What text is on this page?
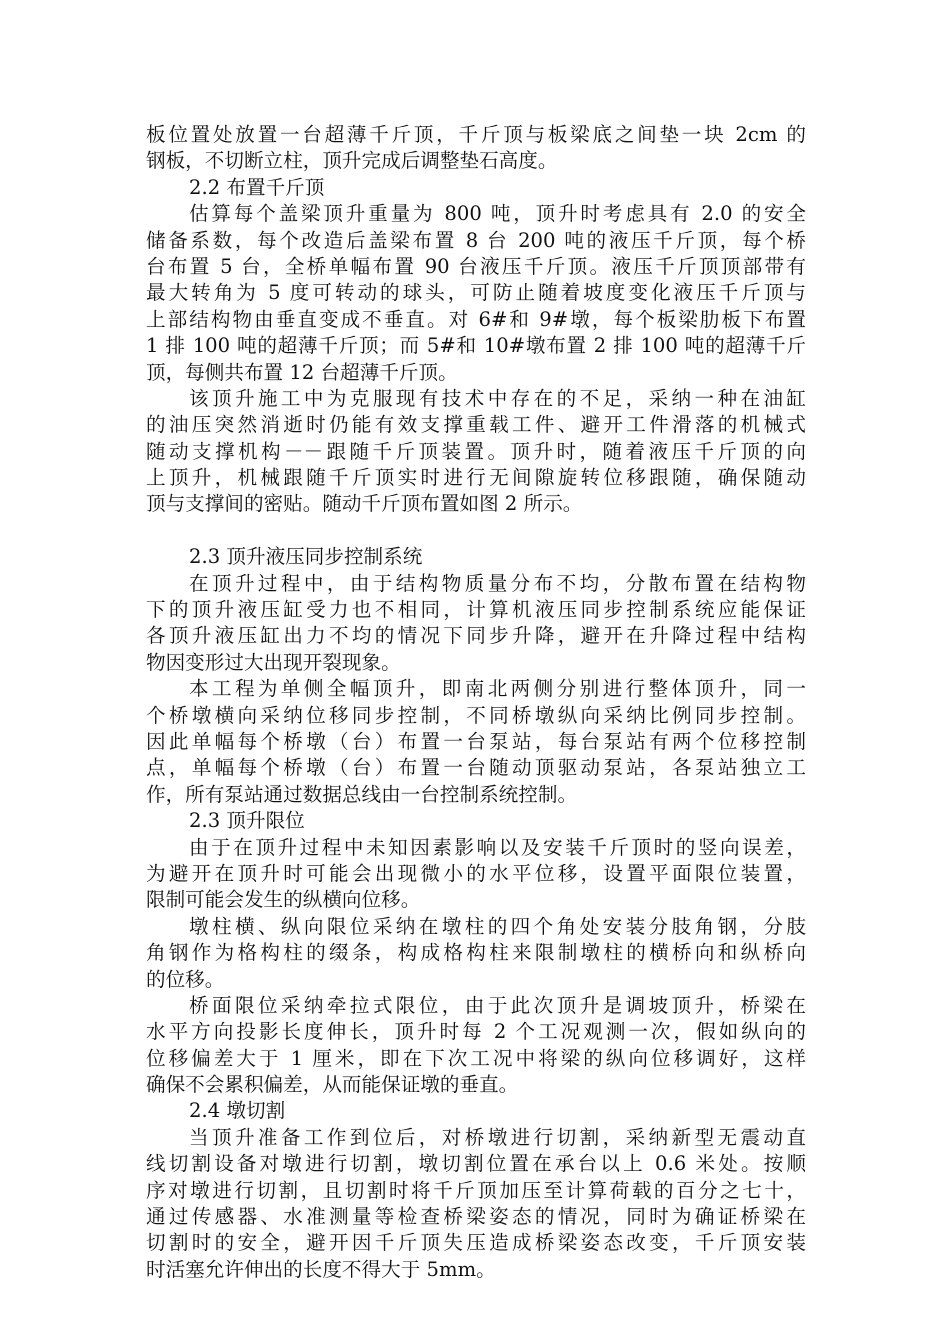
板位置处放置一台超薄千斤顶，千斤顶与板梁底之间垫一块 2cm 的
钢板，不切断立柱，顶升完成后调整垫石高度。
2.2 布置千斤顶
估算每个盖梁顶升重量为 800 吨，顶升时考虑具有 2.0 的安全
储备系数，每个改造后盖梁布置 8 台 200 吨的液压千斤顶，每个桥
台布置 5 台，全桥单幅布置 90 台液压千斤顶。液压千斤顶顶部带有
最大转角为 5 度可转动的球头，可防止随着坡度变化液压千斤顶与
上部结构物由垂直变成不垂直。对 6#和 9#墩，每个板梁肋板下布置
1 排 100 吨的超薄千斤顶；而 5#和 10#墩布置 2 排 100 吨的超薄千斤
顶，每侧共布置 12 台超薄千斤顶。
该顶升施工中为克服现有技术中存在的不足，采纳一种在油缸
的油压突然消逝时仍能有效支撑重载工件、避开工件滑落的机械式
随动支撑机构－－跟随千斤顶装置。顶升时，随着液压千斤顶的向
上顶升，机械跟随千斤顶实时进行无间隙旋转位移跟随，确保随动
顶与支撑间的密贴。随动千斤顶布置如图 2 所示。
2.3 顶升液压同步控制系统
在顶升过程中，由于结构物质量分布不均，分散布置在结构物
下的顶升液压缸受力也不相同，计算机液压同步控制系统应能保证
各顶升液压缸出力不均的情况下同步升降，避开在升降过程中结构
物因变形过大出现开裂现象。
本工程为单侧全幅顶升，即南北两侧分别进行整体顶升，同一
个桥墩横向采纳位移同步控制，不同桥墩纵向采纳比例同步控制。
因此单幅每个桥墩（台）布置一台泵站，每台泵站有两个位移控制
点，单幅每个桥墩（台）布置一台随动顶驱动泵站，各泵站独立工
作，所有泵站通过数据总线由一台控制系统控制。
2.3 顶升限位
由于在顶升过程中未知因素影响以及安装千斤顶时的竖向误差，
为避开在顶升时可能会出现微小的水平位移，设置平面限位装置，
限制可能会发生的纵横向位移。
墩柱横、纵向限位采纳在墩柱的四个角处安装分肢角钢，分肢
角钢作为格构柱的缀条，构成格构柱来限制墩柱的横桥向和纵桥向
的位移。
桥面限位采纳牵拉式限位，由于此次顶升是调坡顶升，桥梁在
水平方向投影长度伸长，顶升时每 2 个工况观测一次，假如纵向的
位移偏差大于 1 厘米，即在下次工况中将梁的纵向位移调好，这样
确保不会累积偏差，从而能保证墩的垂直。
2.4 墩切割
当顶升准备工作到位后，对桥墩进行切割，采纳新型无震动直
线切割设备对墩进行切割，墩切割位置在承台以上 0.6 米处。按顺
序对墩进行切割，且切割时将千斤顶加压至计算荷载的百分之七十，
通过传感器、水准测量等检查桥梁姿态的情况，同时为确证桥梁在
切割时的安全，避开因千斤顶失压造成桥梁姿态改变，千斤顶安装
时活塞允许伸出的长度不得大于 5mm。
